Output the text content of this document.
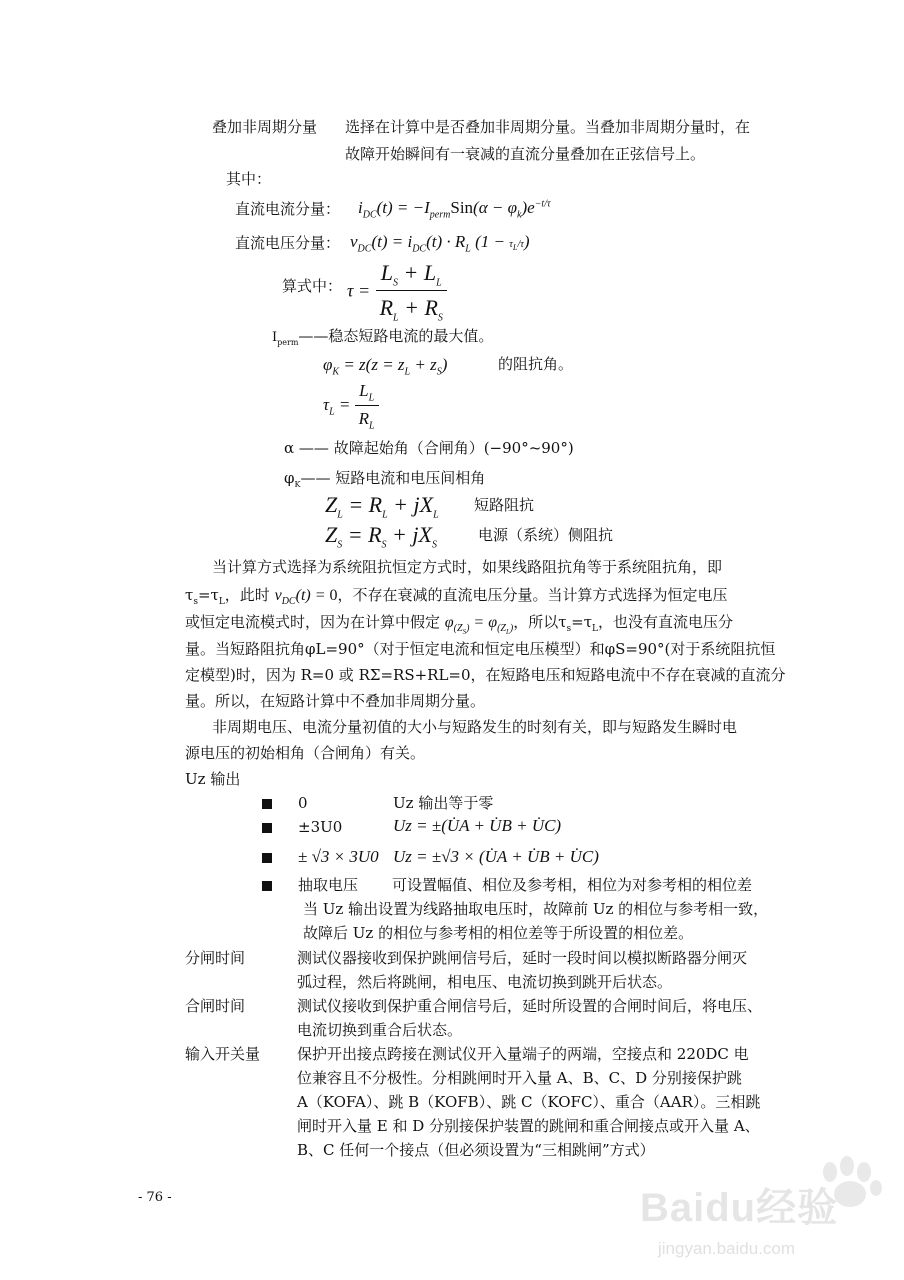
叠加非周期分量 选择在计算中是否叠加非周期分量。当叠加非周期分量时，在
故障开始瞬间有一衰减的直流分量叠加在正弦信号上。
其中：
直流电流分量： $i_{DC}(t) = -I_{perm}Sin(\alpha - \varphi_k)e^{-t/\tau}$
直流电压分量： $v_{DC}(t) = i_{DC}(t) \cdot R_L$ $(1 - \tau_L/\tau)$
算式中： $\tau = \frac{L_S + L_L}{R_L + R_S}$
$I_{perm}——$稳态短路电流的最大值。
$\varphi_K = z(z = z_L + z_S)$	的阻抗角。
$\tau_L = \frac{L_L}{R_L}$
α —— 故障起始角（合闸角）(−90°~90°)
$\varphi_K——$ 短路电流和电压间相角
$Z_L = R_L + jX_L$
短路阻抗
$Z_S = R_S + jX_S$
电源（系统）侧阻抗
当计算方式选择为系统阻抗恒定方式时，如果线路阻抗角等于系统阻抗角，即
$\tau_s=\tau_L$，此时 $v_{DC}(t) = 0$，不存在衰减的直流电压分量。当计算方式选择为恒定电压
或恒定电流模式时，因为在计算中假定 $\varphi_{(Z_S)} = \varphi_{(Z_L)}$，所以$\tau_s=\tau_L$，也没有直流电压分
量。当短路阻抗角φL=90°（对于恒定电流和恒定电压模型）和φS=90°(对于系统阻抗恒
定模型)时，因为 R=0 或 RΣ=RS+RL=0，在短路电压和短路电流中不存在衰减的直流分
量。所以，在短路计算中不叠加非周期分量。
非周期电压、电流分量初值的大小与短路发生的时刻有关，即与短路发生瞬时电
源电压的初始相角（合闸角）有关。
Uz 输出
0	Uz 输出等于零
±3U0	Uz = ±(U̇A + U̇B + U̇C)
± √3 × 3U0 Uz = ±√3 × (U̇A + U̇B + U̇C)
抽取电压 可设置幅值、相位及参考相，相位为对参考相的相位差
当 Uz 输出设置为线路抽取电压时，故障前 Uz 的相位与参考相一致，
故障后 Uz 的相位与参考相的相位差等于所设置的相位差。
分闸时间	测试仪器接收到保护跳闸信号后，延时一段时间以模拟断路器分闸灭
弧过程，然后将跳闸，相电压、电流切换到跳开后状态。
合闸时间	测试仪接收到保护重合闸信号后，延时所设置的合闸时间后，将电压、
电流切换到重合后状态。
输入开关量 保护开出接点跨接在测试仪开入量端子的两端，空接点和 220DC 电
位兼容且不分极性。分相跳闸时开入量 A、B、C、D 分别接保护跳
A（KOFA）、跳 B（KOFB）、跳 C（KOFC）、重合（AAR）。三相跳
闸时开入量 E 和 D 分别接保护装置的跳闸和重合闸接点或开入量 A、
B、C 任何一个接点（但必须设置为“三相跳闸”方式）
- 76 -	Baidu经验
jingyan.baidu.com
